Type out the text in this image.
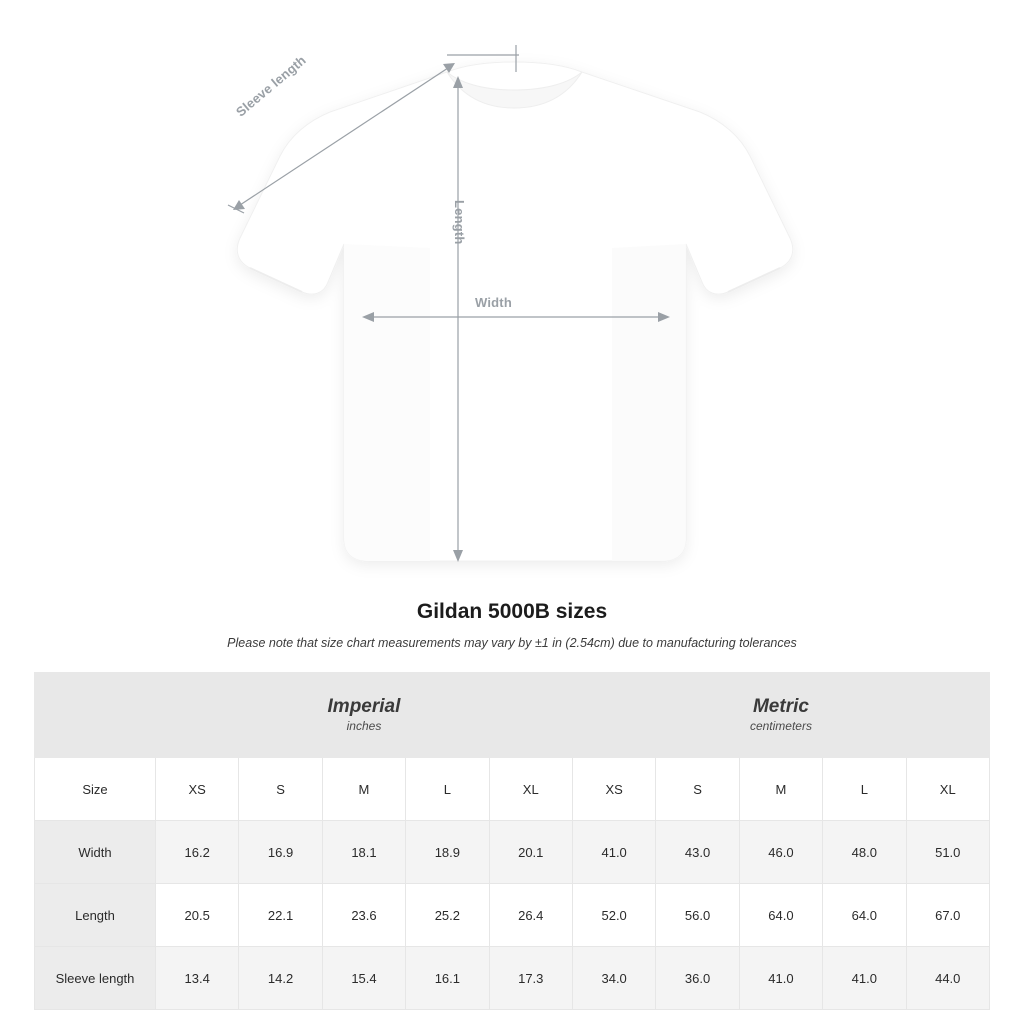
Length
Width
Sleeve length
Gildan 5000B sizes

Please note that size chart measurements may vary by ±1 in (2.54cm) due to manufacturing tolerances

Imperial
inches

Metric
centimeters

Size	XS	S	M	L	XL	XS	S	M	L	XL
Width	16.2	16.9	18.1	18.9	20.1	41.0	43.0	46.0	48.0	51.0
Length	20.5	22.1	23.6	25.2	26.4	52.0	56.0	64.0	64.0	67.0
Sleeve length	13.4	14.2	15.4	16.1	17.3	34.0	36.0	41.0	41.0	44.0
